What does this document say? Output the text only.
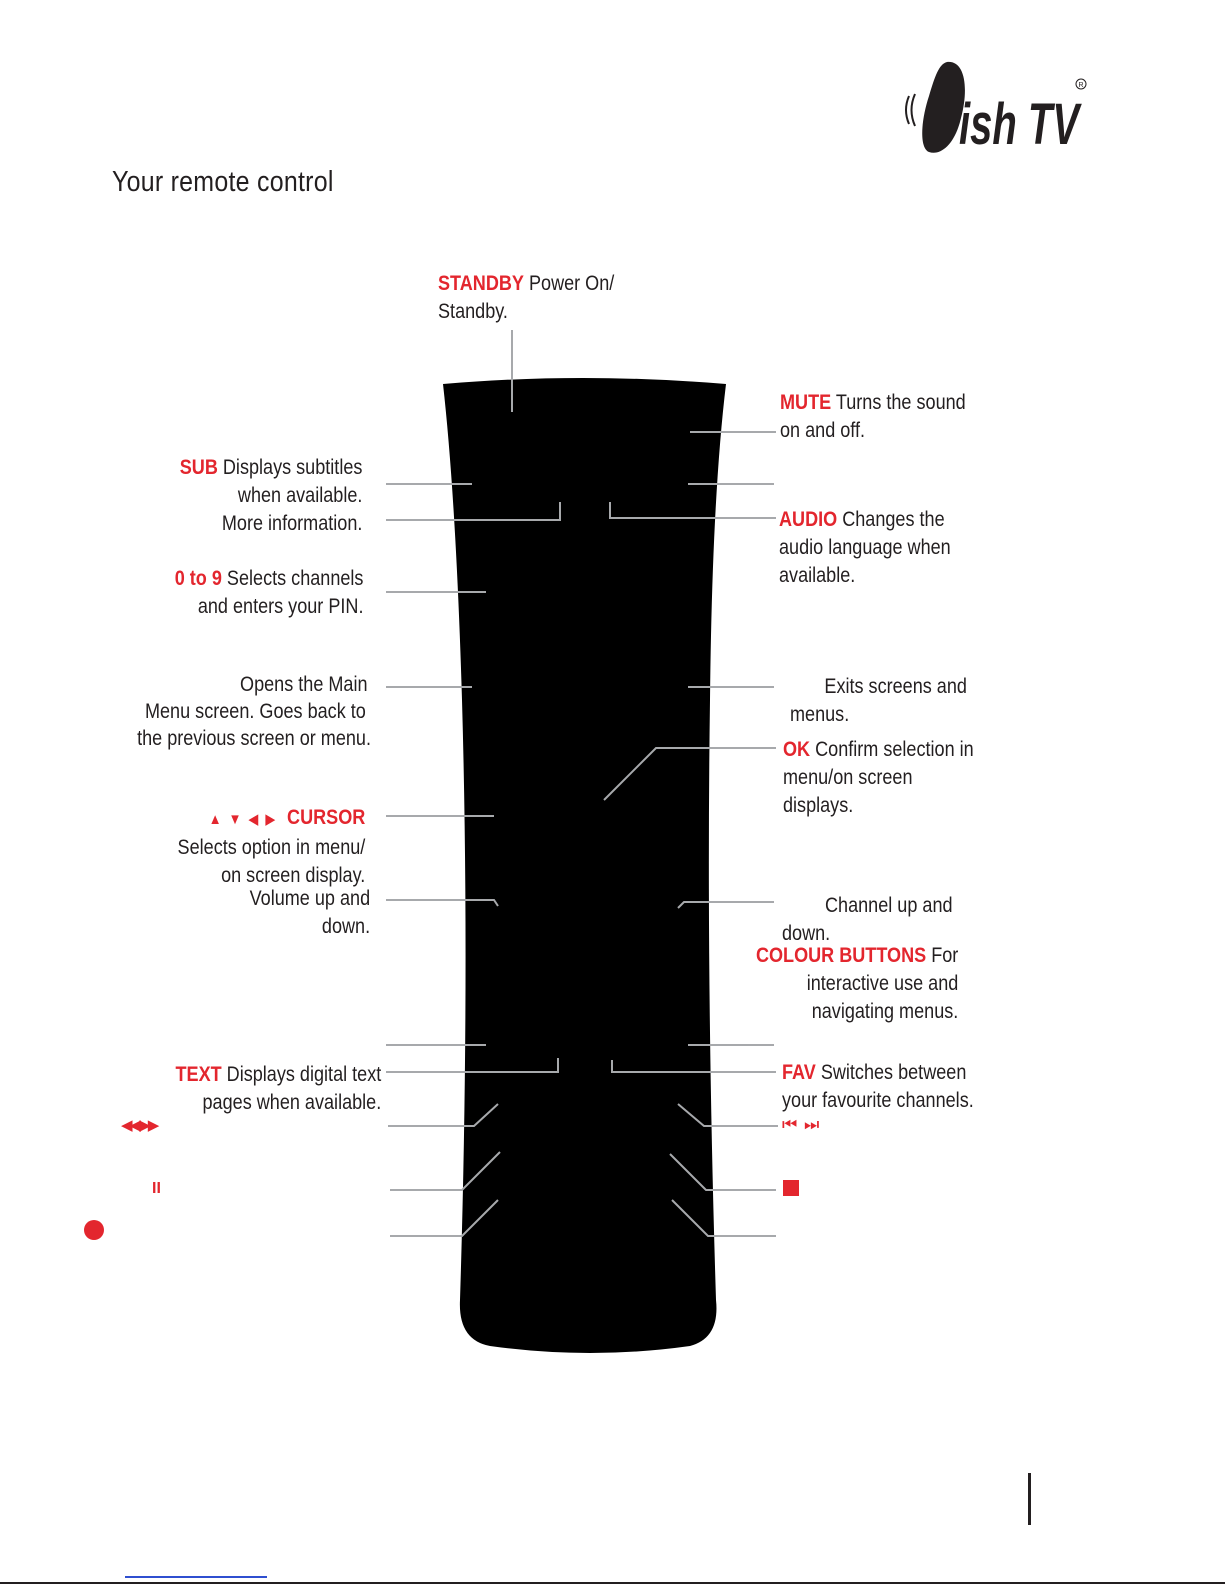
ish TV
R
Your remote control
STANDBY Power On/
Standby.
MUTE Turns the sound
on and off.
SUB Displays subtitles
when available.
More information.	AUDIO Changes the
audio language when
available.
0 to 9 Selects channels
and enters your PIN.
Opens the Main
Menu screen. Goes back to
the previous screen or menu.
Exits screens and
menus.
OK Confirm selection in
menu/on screen
displays.
▲ ▼ ◀ ▶ CURSOR
Selects option in menu/
on screen display.
Volume up and
down.
Channel up and
down.
COLOUR BUTTONS For
interactive use and
navigating menus.
TEXT Displays digital text
pages when available.
FAV Switches between
your favourite channels.
◀◀ ▶▶	⏮ ⏭
II
